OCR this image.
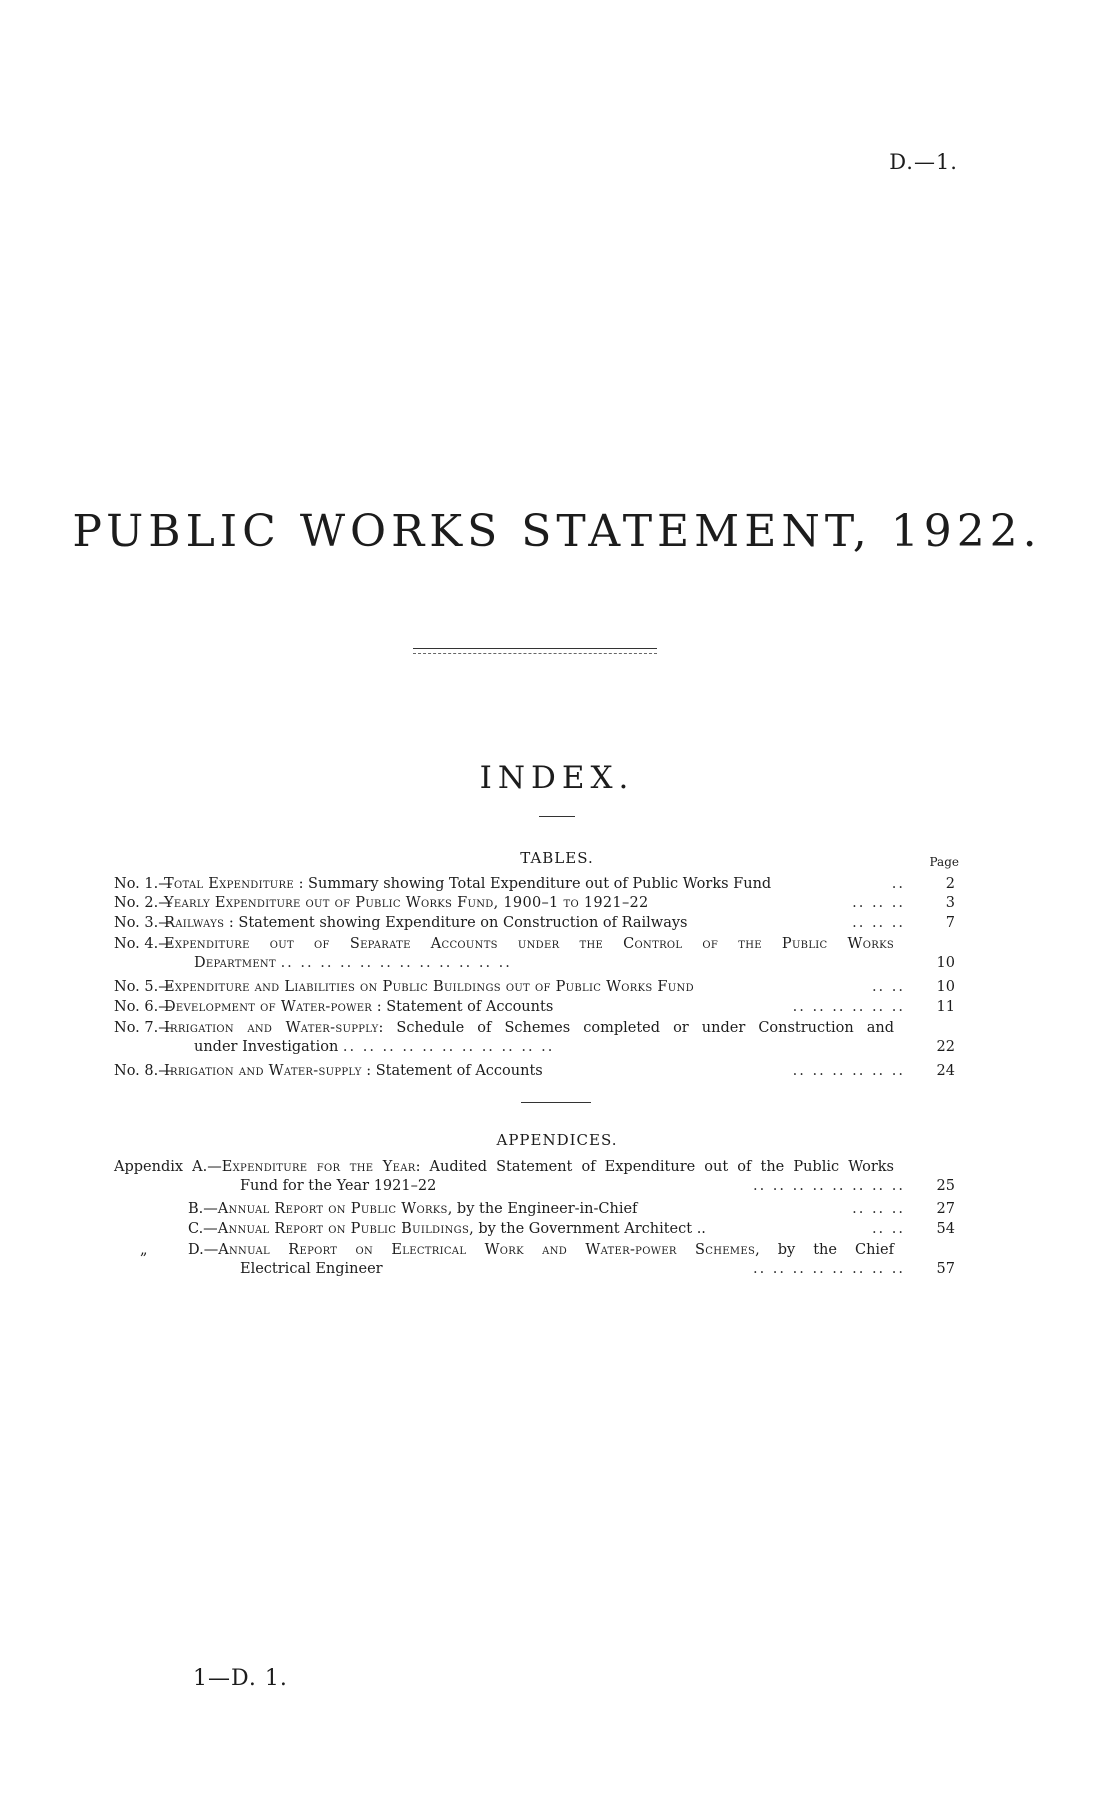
D.—1.
PUBLIC WORKS STATEMENT, 1922.
INDEX.
TABLES.	Page
No. 1.—Total Expenditure : Summary showing Total Expenditure out of Public Works Fund	..	2
No. 2.—Yearly Expenditure out of Public Works Fund, 1900–1 to 1921–22	.. .. ..	3
No. 3.—Railways : Statement showing Expenditure on Construction of Railways	.. .. ..	7
No. 4.—Expenditure out of Separate Accounts under the Control of the Public Works
Department .. .. .. .. .. .. .. .. .. .. .. ..	10
No. 5.—Expenditure and Liabilities on Public Buildings out of Public Works Fund	.. .. 10
No. 6.—Development of Water-power : Statement of Accounts	.. .. .. .. .. .. 11
No. 7.—Irrigation and Water-supply: Schedule of Schemes completed or under Construction and
under Investigation .. .. .. .. .. .. .. .. .. .. ..	22
No. 8.—Irrigation and Water-supply : Statement of Accounts	.. .. .. .. .. .. 24
APPENDICES.
Appendix A.—Expenditure for the Year: Audited Statement of Expenditure out of the Public Works
Fund for the Year 1921–22	.. .. .. .. .. .. .. .. 25
B.—Annual Report on Public Works, by the Engineer-in-Chief	.. .. .. 27
C.—Annual Report on Public Buildings, by the Government Architect ..	.. .. 54
„	D.—Annual Report on Electrical Work and Water-power Schemes, by the Chief
Electrical Engineer	.. .. .. .. .. .. .. .. 57
1—D. 1.
